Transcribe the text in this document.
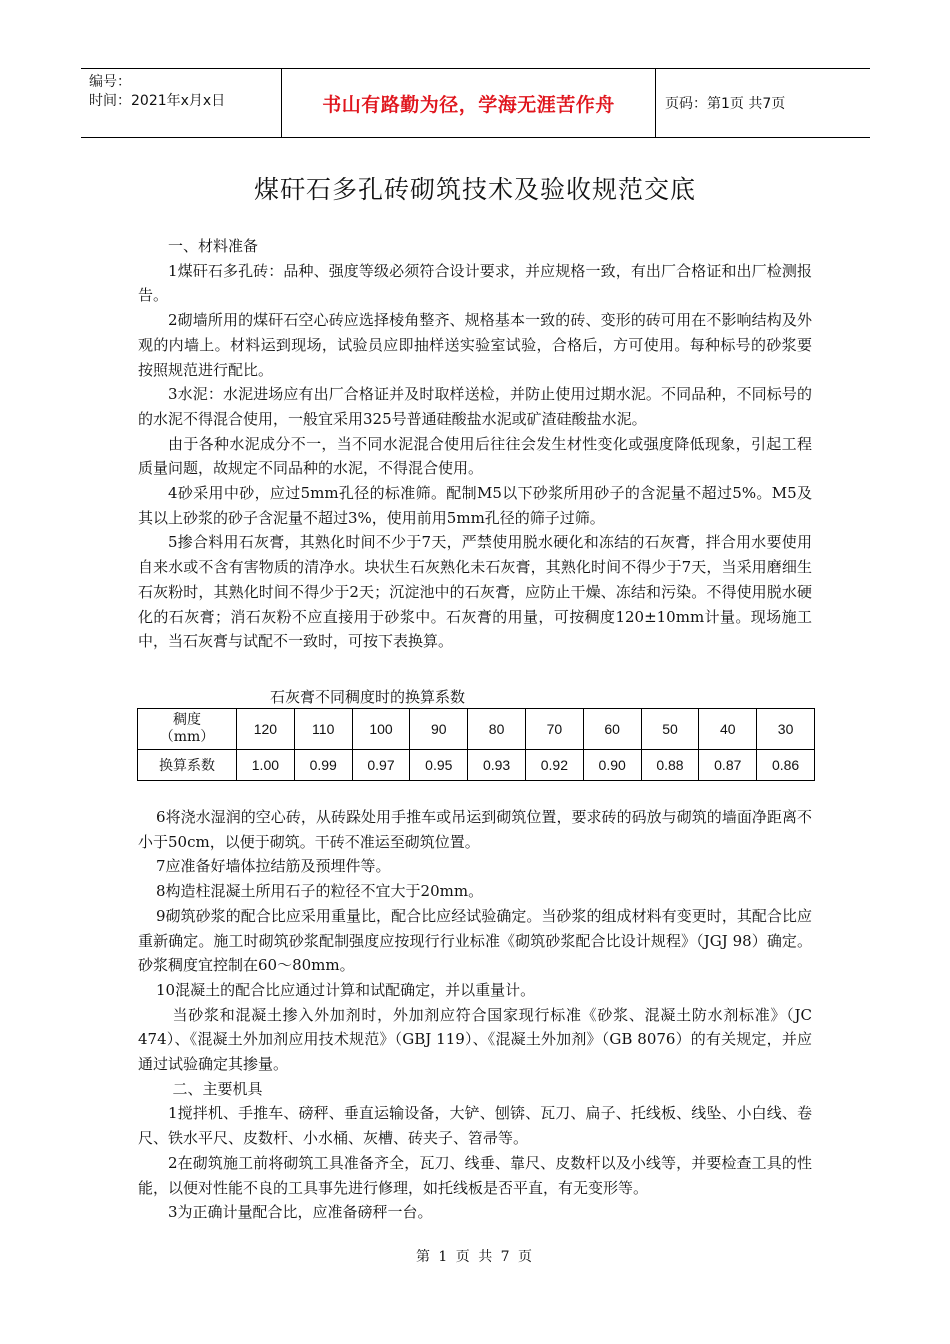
编号：
时间：2021年x月x日	书山有路勤为径，学海无涯苦作舟	页码：第1页 共7页
煤矸石多孔砖砌筑技术及验收规范交底

一、材料准备

1煤矸石多孔砖：品种、强度等级必须符合设计要求，并应规格一致，有出厂合格证和出厂检测报告。

2砌墙所用的煤矸石空心砖应选择棱角整齐、规格基本一致的砖、变形的砖可用在不影响结构及外观的内墙上。材料运到现场，试验员应即抽样送实验室试验，合格后，方可使用。每种标号的砂浆要按照规范进行配比。

3水泥：水泥进场应有出厂合格证并及时取样送检，并防止使用过期水泥。不同品种，不同标号的的水泥不得混合使用，一般宜采用325号普通硅酸盐水泥或矿渣硅酸盐水泥。

由于各种水泥成分不一，当不同水泥混合使用后往往会发生材性变化或强度降低现象，引起工程质量问题，故规定不同品种的水泥，不得混合使用。

4砂采用中砂，应过5mm孔径的标准筛。配制M5以下砂浆所用砂子的含泥量不超过5%。M5及其以上砂浆的砂子含泥量不超过3%，使用前用5mm孔径的筛子过筛。

5掺合料用石灰膏，其熟化时间不少于7天，严禁使用脱水硬化和冻结的石灰膏，拌合用水要使用自来水或不含有害物质的清净水。块状生石灰熟化未石灰膏，其熟化时间不得少于7天，当采用磨细生石灰粉时，其熟化时间不得少于2天；沉淀池中的石灰膏，应防止干燥、冻结和污染。不得使用脱水硬化的石灰膏；消石灰粉不应直接用于砂浆中。石灰膏的用量，可按稠度120±10mm计量。现场施工中，当石灰膏与试配不一致时，可按下表换算。

石灰膏不同稠度时的换算系数
稠度
（mm）	120	110	100	90	80	70	60	50	40	30
换算系数	1.00	0.99	0.97	0.95	0.93	0.92	0.90	0.88	0.87	0.86

6将浇水湿润的空心砖，从砖跺处用手推车或吊运到砌筑位置，要求砖的码放与砌筑的墙面净距离不小于50cm，以便于砌筑。干砖不准运至砌筑位置。

7应准备好墙体拉结筋及预埋件等。

8构造柱混凝土所用石子的粒径不宜大于20mm。

9砌筑砂浆的配合比应采用重量比，配合比应经试验确定。当砂浆的组成材料有变更时，其配合比应重新确定。施工时砌筑砂浆配制强度应按现行行业标准《砌筑砂浆配合比设计规程》（JGJ 98）确定。砂浆稠度宜控制在60～80mm。

10混凝土的配合比应通过计算和试配确定，并以重量计。

当砂浆和混凝土掺入外加剂时，外加剂应符合国家现行标准《砂浆、混凝土防水剂标准》（JC 474）、《混凝土外加剂应用技术规范》（GBJ 119）、《混凝土外加剂》（GB 8076）的有关规定，并应通过试验确定其掺量。

二、主要机具

1搅拌机、手推车、磅秤、垂直运输设备，大铲、刨锛、瓦刀、扁子、托线板、线坠、小白线、卷尺、铁水平尺、皮数杆、小水桶、灰槽、砖夹子、笤帚等。

2在砌筑施工前将砌筑工具准备齐全，瓦刀、线垂、靠尺、皮数杆以及小线等，并要检查工具的性能，以便对性能不良的工具事先进行修理，如托线板是否平直，有无变形等。

3为正确计量配合比，应准备磅秤一台。

第 1 页 共 7 页
